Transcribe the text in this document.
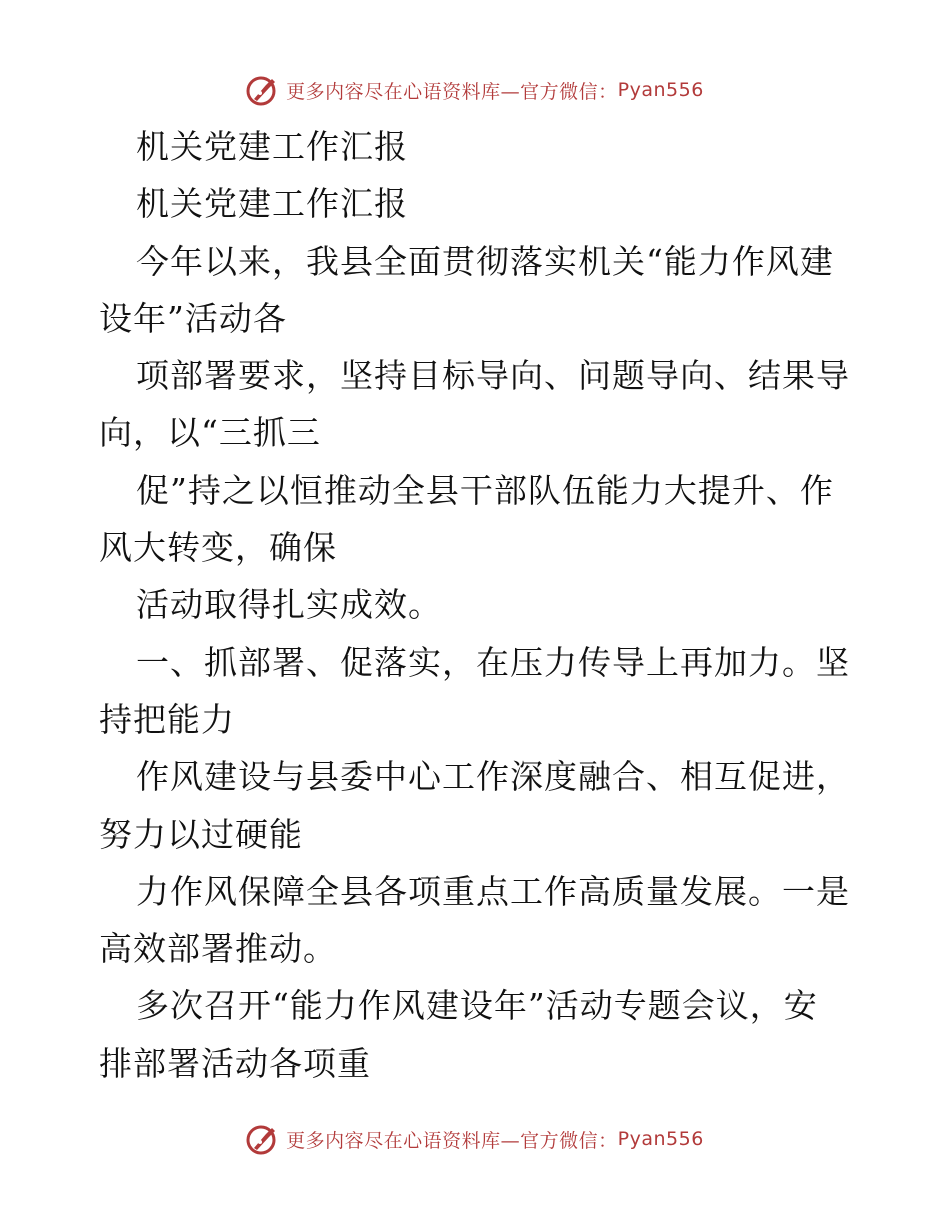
更多内容尽在心语资料库—官方微信： Pyan556
机关党建工作汇报
机关党建工作汇报
今年以来，我县全面贯彻落实机关“能力作风建
设年”活动各
项部署要求，坚持目标导向、问题导向、结果导
向，以“三抓三
促”持之以恒推动全县干部队伍能力大提升、作
风大转变，确保
活动取得扎实成效。
一、抓部署、促落实，在压力传导上再加力。坚
持把能力
作风建设与县委中心工作深度融合、相互促进，
努力以过硬能
力作风保障全县各项重点工作高质量发展。一是
高效部署推动。
多次召开“能力作风建设年”活动专题会议，安
排部署活动各项重
更多内容尽在心语资料库—官方微信： Pyan556
